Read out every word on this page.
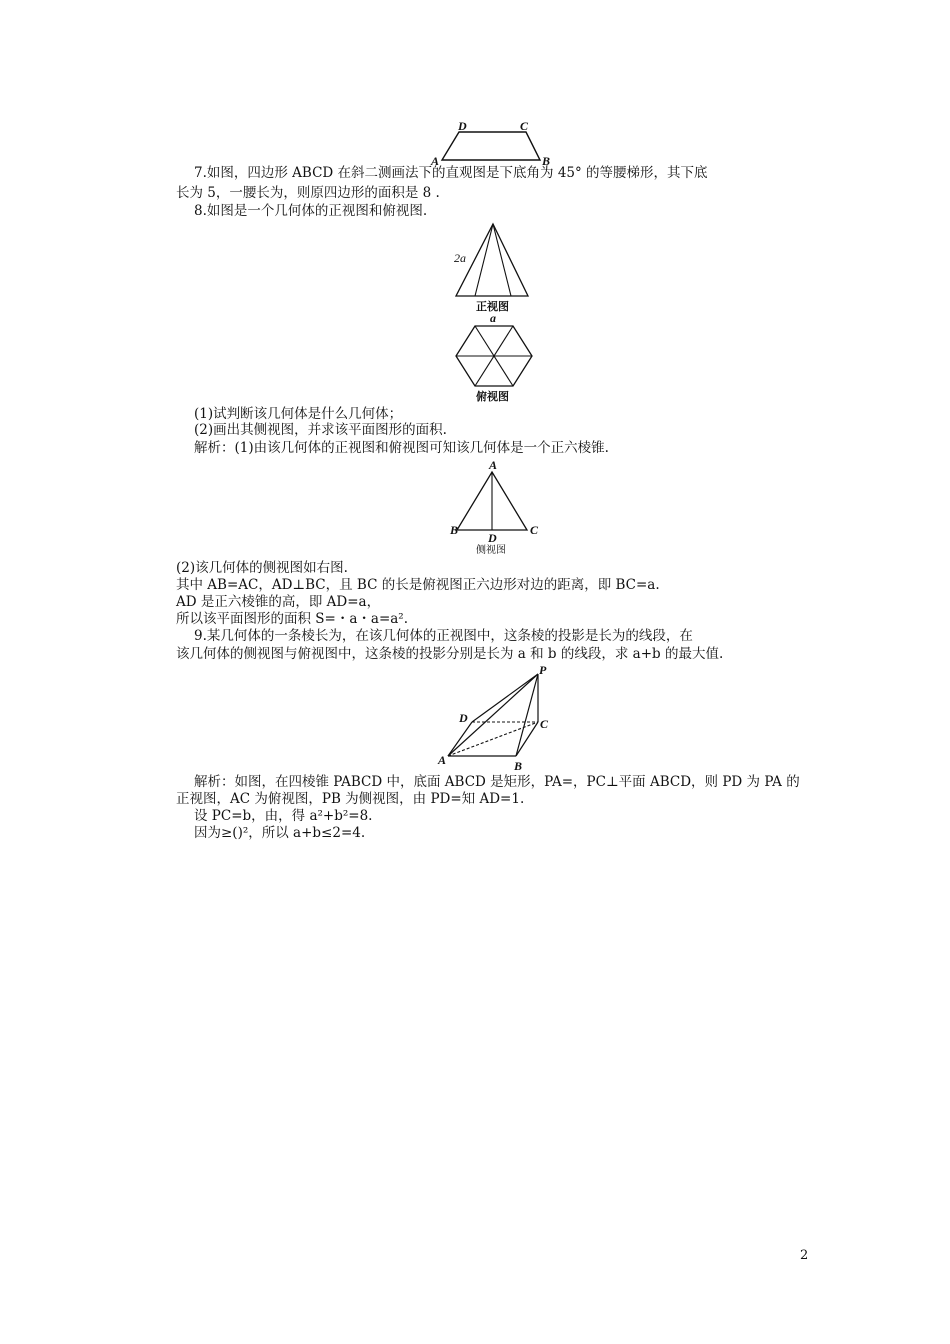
A	B
C
D
7.如图，四边形 ABCD 在斜二测画法下的直观图是下底角为 45° 的等腰梯形，其下底
长为 5，一腰长为，则原四边形的面积是 8 .
8.如图是一个几何体的正视图和俯视图.
2a
正视图
a
俯视图
(1)试判断该几何体是什么几何体；
(2)画出其侧视图，并求该平面图形的面积.
解析：(1)由该几何体的正视图和俯视图可知该几何体是一个正六棱锥.
A
B	C
D
侧视图
(2)该几何体的侧视图如右图.
其中 AB=AC，AD⊥BC，且 BC 的长是俯视图正六边形对边的距离，即 BC=a.
AD 是正六棱锥的高，即 AD=a，
所以该平面图形的面积 S=・a・a=a².
9.某几何体的一条棱长为，在该几何体的正视图中，这条棱的投影是长为的线段，在
该几何体的侧视图与俯视图中，这条棱的投影分别是长为 a 和 b 的线段，求 a+b 的最大值.
P
D	C
A	B
解析：如图，在四棱锥 PABCD 中，底面 ABCD 是矩形，PA=，PC⊥平面 ABCD，则 PD 为 PA 的
正视图，AC 为俯视图，PB 为侧视图，由 PD=知 AD=1.
设 PC=b，由，得 a²+b²=8.
因为≥()²，所以 a+b≤2=4.
2
